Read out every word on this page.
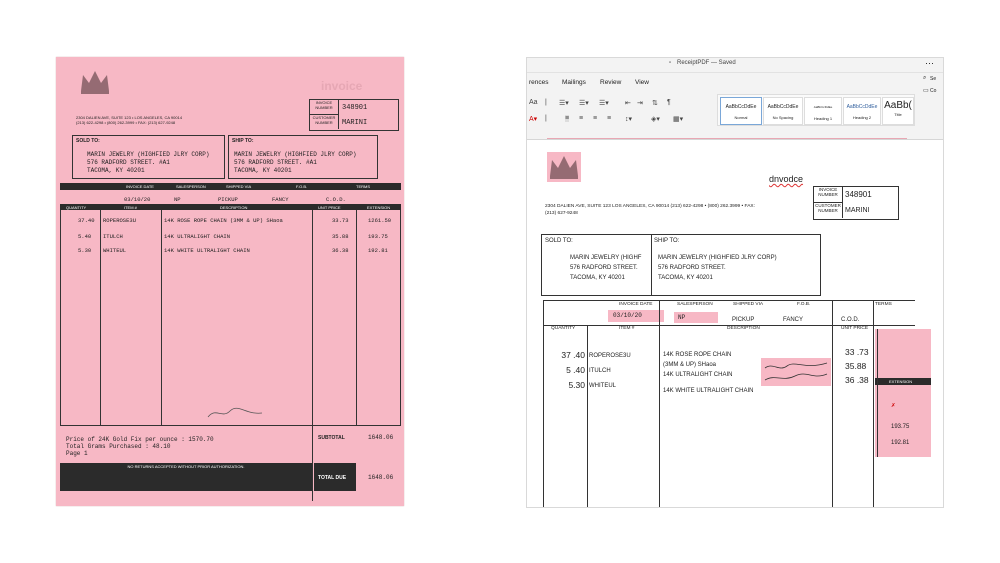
invoice
2304 DALIEN AVE, SUITE 123 • LOS ANGELES, CA 90014
(213) 622-4298 • (800) 262-3999 • FAX: (213) 627-9248
INVOICE NUMBER	348901
CUSTOMER NUMBER	MARINI
SOLD TO:
MARIN JEWELRY (HIGHFIED JLRY CORP)
576 RADFORD STREET. #A1
TACOMA, KY 40201
SHIP TO:
MARIN JEWELRY (HIGHFIED JLRY CORP)
576 RADFORD STREET. #A1
TACOMA, KY 40201
INVOICE DATE	SALESPERSON	SHIPPED VIA	F.O.B.	TERMS
03/10/20	NP	PICKUP	FANCY	C.O.D.
QUANTITY	ITEM #	DESCRIPTION	UNIT PRICE	EXTENSION
37.40 ROPEROSE3U	14K ROSE ROPE CHAIN (3MM & UP) SHaoa	33.73	1261.50
5.40 ITULCH	14K ULTRALIGHT CHAIN	35.88	193.75
5.30 WHITEUL	14K WHITE ULTRALIGHT CHAIN	36.38	192.81
Price of 24K Gold Fix per ounce : 1570.70
Total Grams Purchased : 48.10
Page 1
SUBTOTAL	1648.06
NO RETURNS ACCEPTED WITHOUT PRIOR AUTHORIZATION.
TOTAL DUE	1648.06
ReceiptPDF — Saved
▫	⋯
rences Mailings Review View
⌕ Se
▭ Co
Aa | ☰▾ ☰▾ ☰▾ ⇤ ⇥ ⇅ ¶
A▾ |	≡ ≡ ≡ ≡ ↕▾	◈▾ ▦▾
AaBbCcDdEe
Normal
AaBbCcDdEe
No Spacing
AaBbCcDdEe
Heading 1
AaBbCcDdEe
Heading 2
AaBb(
Title
dnvodce
INVOICE NUMBER 348901
CUSTOMER NUMBER	MARINI
2304 DALIEN AVE, SUITE 123 LOS ANGELES, CA 90014 (213) 622-4298 • (800) 262.3999 • FAX:
(213) 627-9248
SOLD TO:
MARIN JEWELRY (HIGHF
576 RADFORD STREET.
TACOMA, KY 40201
SHIP TO:
MARIN JEWELRY (HIGHFIED JLRY CORP)
576 RADFORD STREET.
TACOMA, KY 40201
INVOICE DATE	SALESPERSON	SHIPPED VIA	F.O.B.	TERMS
03/10/20	NP	PICKUP	FANCY	C.O.D.
QUANTITY	ITEM #	DESCRIPTION	UNIT PRICE
37 .40
5 .40
5.30
ROPEROSE3U
ITULCH
WHITEUL
14K ROSE ROPE CHAIN
(3MM & UP) SHaoa
14K ULTRALIGHT CHAIN
14K WHITE ULTRALIGHT CHAIN
33 .73
35.88
36 .38	EXTENSION
✗
193.75
192.81
